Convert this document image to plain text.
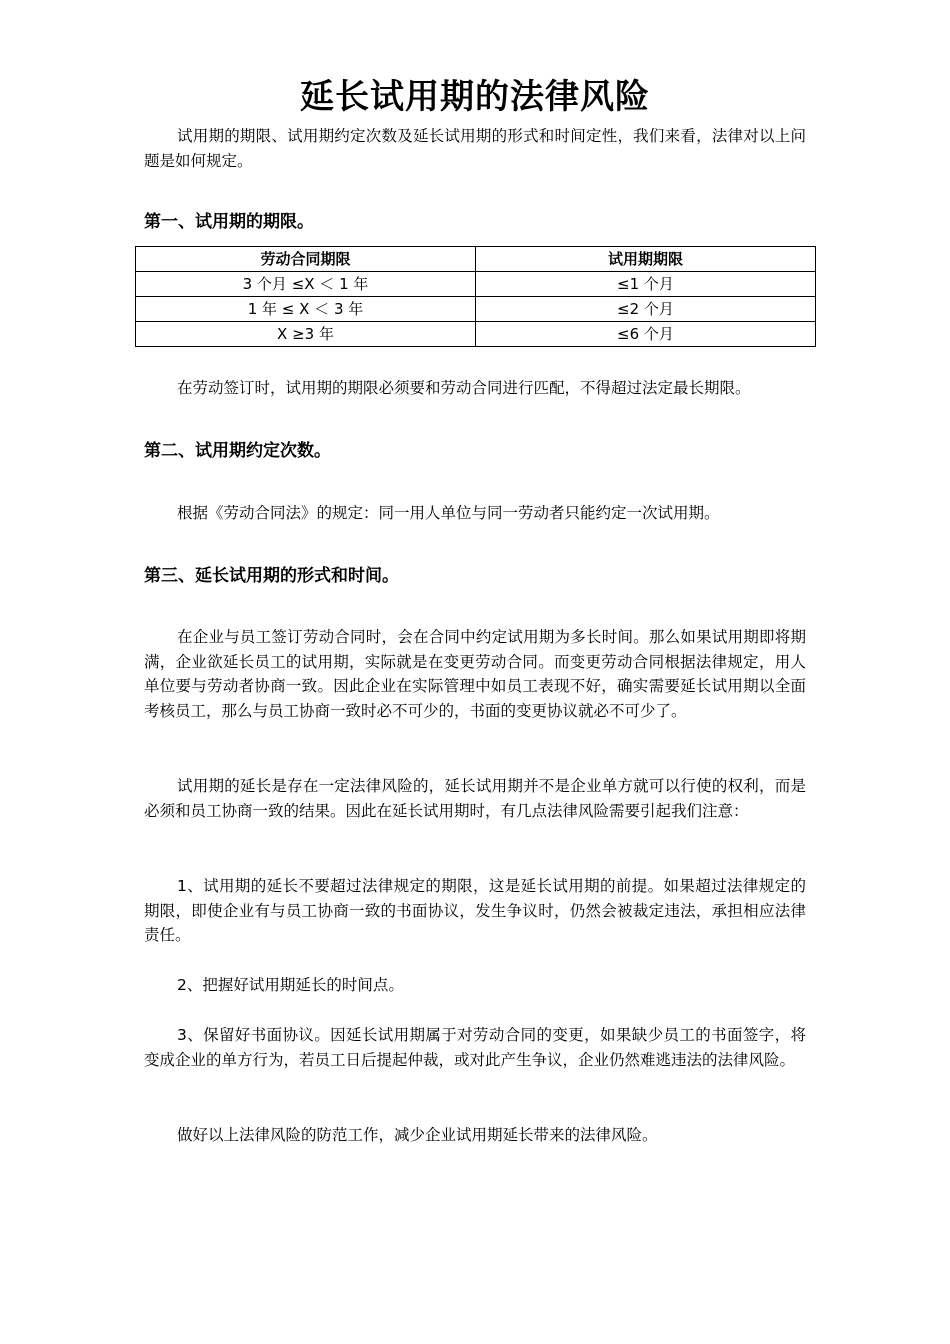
延长试用期的法律风险

试用期的期限、试用期约定次数及延长试用期的形式和时间定性，我们来看，法律对以上问题是如何规定。

第一、试用期的期限。
劳动合同期限	试用期期限
3 个月 ≤X ＜ 1 年	≤1 个月
1 年 ≤ X ＜ 3 年	≤2 个月
X ≥3 年	≤6 个月

在劳动签订时，试用期的期限必须要和劳动合同进行匹配，不得超过法定最长期限。

第二、试用期约定次数。

根据《劳动合同法》的规定：同一用人单位与同一劳动者只能约定一次试用期。

第三、延长试用期的形式和时间。

在企业与员工签订劳动合同时，会在合同中约定试用期为多长时间。那么如果试用期即将期满，企业欲延长员工的试用期，实际就是在变更劳动合同。而变更劳动合同根据法律规定，用人单位要与劳动者协商一致。因此企业在实际管理中如员工表现不好，确实需要延长试用期以全面考核员工，那么与员工协商一致时必不可少的，书面的变更协议就必不可少了。

试用期的延长是存在一定法律风险的，延长试用期并不是企业单方就可以行使的权利，而是必须和员工协商一致的结果。因此在延长试用期时，有几点法律风险需要引起我们注意：

1、试用期的延长不要超过法律规定的期限，这是延长试用期的前提。如果超过法律规定的期限，即使企业有与员工协商一致的书面协议，发生争议时，仍然会被裁定违法，承担相应法律责任。

2、把握好试用期延长的时间点。

3、保留好书面协议。因延长试用期属于对劳动合同的变更，如果缺少员工的书面签字，将变成企业的单方行为，若员工日后提起仲裁，或对此产生争议，企业仍然难逃违法的法律风险。

做好以上法律风险的防范工作，减少企业试用期延长带来的法律风险。
